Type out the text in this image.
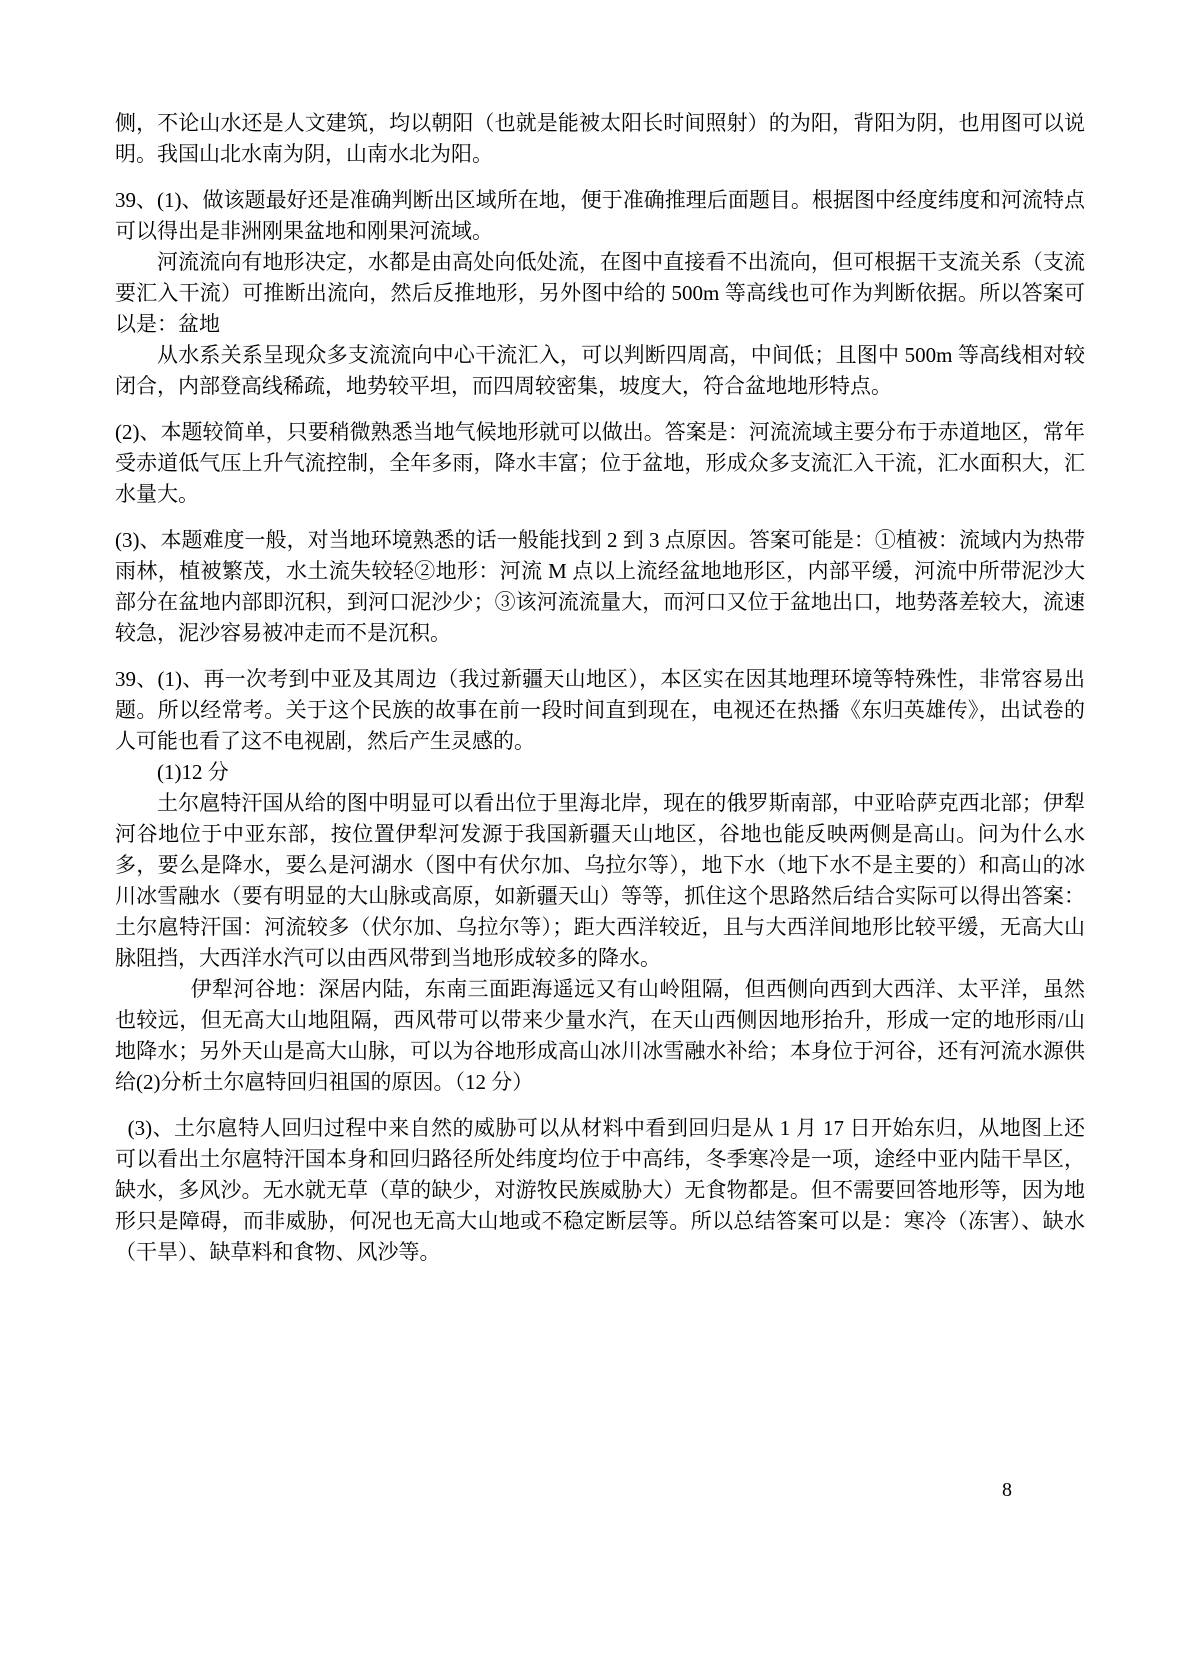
侧，不论山水还是人文建筑，均以朝阳（也就是能被太阳长时间照射）的为阳，背阳为阴，也用图可以说明。我国山北水南为阴，山南水北为阳。

39、(1)、做该题最好还是准确判断出区域所在地，便于准确推理后面题目。根据图中经度纬度和河流特点可以得出是非洲刚果盆地和刚果河流域。

河流流向有地形决定，水都是由高处向低处流，在图中直接看不出流向，但可根据干支流关系（支流要汇入干流）可推断出流向，然后反推地形，另外图中给的 500m 等高线也可作为判断依据。所以答案可以是：盆地

从水系关系呈现众多支流流向中心干流汇入，可以判断四周高，中间低；且图中 500m 等高线相对较闭合，内部登高线稀疏，地势较平坦，而四周较密集，坡度大，符合盆地地形特点。

(2)、本题较简单，只要稍微熟悉当地气候地形就可以做出。答案是：河流流域主要分布于赤道地区，常年受赤道低气压上升气流控制，全年多雨，降水丰富；位于盆地，形成众多支流汇入干流，汇水面积大，汇水量大。

(3)、本题难度一般，对当地环境熟悉的话一般能找到 2 到 3 点原因。答案可能是：①植被：流域内为热带雨林，植被繁茂，水土流失较轻②地形：河流 M 点以上流经盆地地形区，内部平缓，河流中所带泥沙大部分在盆地内部即沉积，到河口泥沙少；③该河流流量大，而河口又位于盆地出口，地势落差较大，流速较急，泥沙容易被冲走而不是沉积。

39、(1)、再一次考到中亚及其周边（我过新疆天山地区），本区实在因其地理环境等特殊性，非常容易出题。所以经常考。关于这个民族的故事在前一段时间直到现在，电视还在热播《东归英雄传》，出试卷的人可能也看了这不电视剧，然后产生灵感的。

(1)12 分

土尔扈特汗国从给的图中明显可以看出位于里海北岸，现在的俄罗斯南部，中亚哈萨克西北部；伊犁河谷地位于中亚东部，按位置伊犁河发源于我国新疆天山地区，谷地也能反映两侧是高山。问为什么水多，要么是降水，要么是河湖水（图中有伏尔加、乌拉尔等），地下水（地下水不是主要的）和高山的冰川冰雪融水（要有明显的大山脉或高原，如新疆天山）等等，抓住这个思路然后结合实际可以得出答案：土尔扈特汗国：河流较多（伏尔加、乌拉尔等）；距大西洋较近，且与大西洋间地形比较平缓，无高大山脉阻挡，大西洋水汽可以由西风带到当地形成较多的降水。

伊犁河谷地：深居内陆，东南三面距海遥远又有山岭阻隔，但西侧向西到大西洋、太平洋，虽然也较远，但无高大山地阻隔，西风带可以带来少量水汽，在天山西侧因地形抬升，形成一定的地形雨/山地降水；另外天山是高大山脉，可以为谷地形成高山冰川冰雪融水补给；本身位于河谷，还有河流水源供给(2)分析土尔扈特回归祖国的原因。（12 分）

(3)、土尔扈特人回归过程中来自然的威胁可以从材料中看到回归是从 1 月 17 日开始东归，从地图上还可以看出土尔扈特汗国本身和回归路径所处纬度均位于中高纬，冬季寒冷是一项，途经中亚内陆干旱区，缺水，多风沙。无水就无草（草的缺少，对游牧民族威胁大）无食物都是。但不需要回答地形等，因为地形只是障碍，而非威胁，何况也无高大山地或不稳定断层等。所以总结答案可以是：寒冷（冻害）、缺水（干旱）、缺草料和食物、风沙等。

8
